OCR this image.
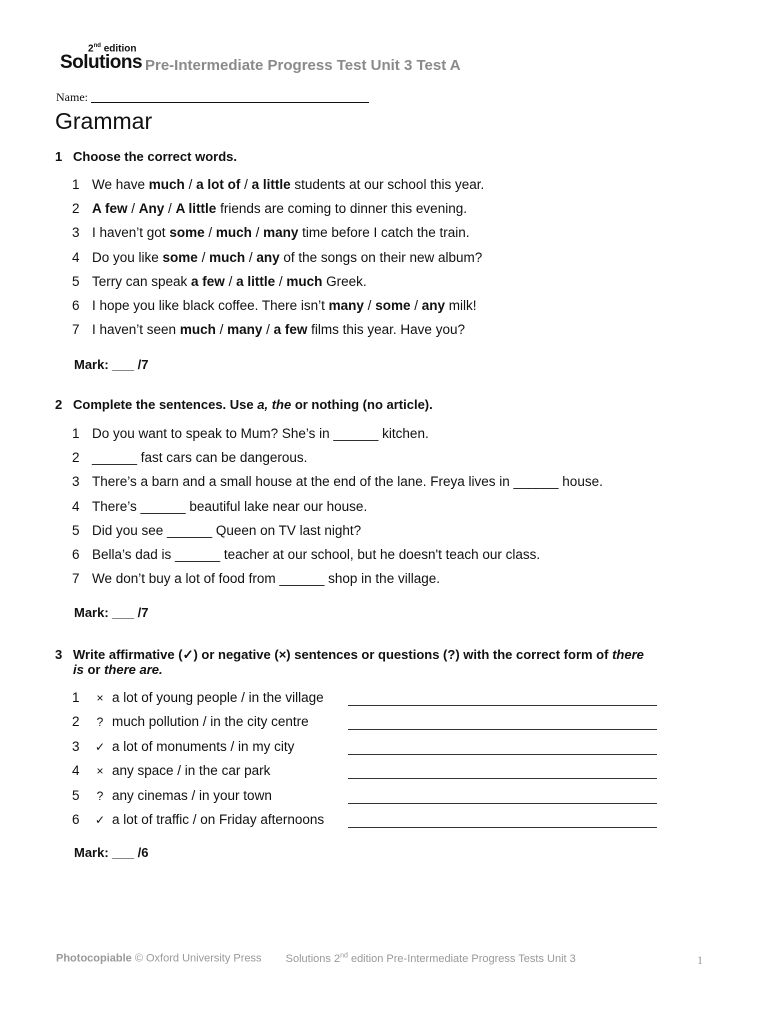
2nd edition
Solutions Pre-Intermediate Progress Test Unit 3 Test A
Name:
Grammar
1 Choose the correct words.
1 We have much / a lot of / a little students at our school this year.
2 A few / Any / A little friends are coming to dinner this evening.
3 I haven’t got some / much / many time before I catch the train.
4 Do you like some / much / any of the songs on their new album?
5 Terry can speak a few / a little / much Greek.
6 I hope you like black coffee. There isn’t many / some / any milk!
7 I haven’t seen much / many / a few films this year. Have you?
Mark: ___ /7
2 Complete the sentences. Use a, the or nothing (no article).
1 Do you want to speak to Mum? She’s in ______ kitchen.
2 ______ fast cars can be dangerous.
3 There’s a barn and a small house at the end of the lane. Freya lives in ______ house.
4 There’s ______ beautiful lake near our house.
5 Did you see ______ Queen on TV last night?
6 Bella’s dad is ______ teacher at our school, but he doesn't teach our class.
7 We don’t buy a lot of food from ______ shop in the village.
Mark: ___ /7
3 Write affirmative (✓) or negative (×) sentences or questions (?) with the correct form of there
is or there are.
1 × a lot of young people / in the village
2 ? much pollution / in the city centre
3 ✓ a lot of monuments / in my city
4 × any space / in the car park
5 ? any cinemas / in your town
6 ✓ a lot of traffic / on Friday afternoons
Mark: ___ /6
Photocopiable © Oxford University Press Solutions 2nd edition Pre-Intermediate Progress Tests Unit 3	1
